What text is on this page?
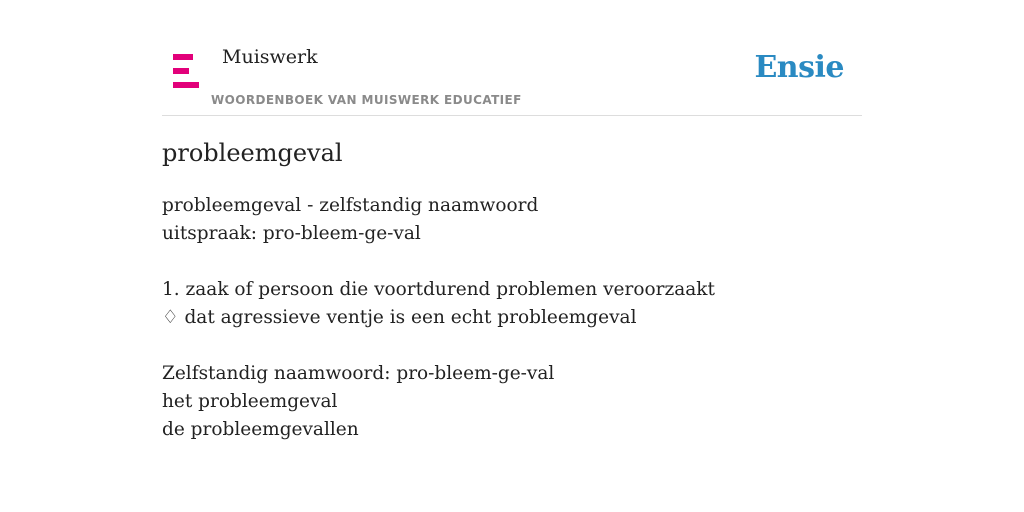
Muiswerk
WOORDENBOEK VAN MUISWERK EDUCATIEF
Ensie
probleemgeval
probleemgeval - zelfstandig naamwoord
uitspraak: pro-bleem-ge-val
1. zaak of persoon die voortdurend problemen veroorzaakt
♢ dat agressieve ventje is een echt probleemgeval
Zelfstandig naamwoord: pro-bleem-ge-val
het probleemgeval
de probleemgevallen
